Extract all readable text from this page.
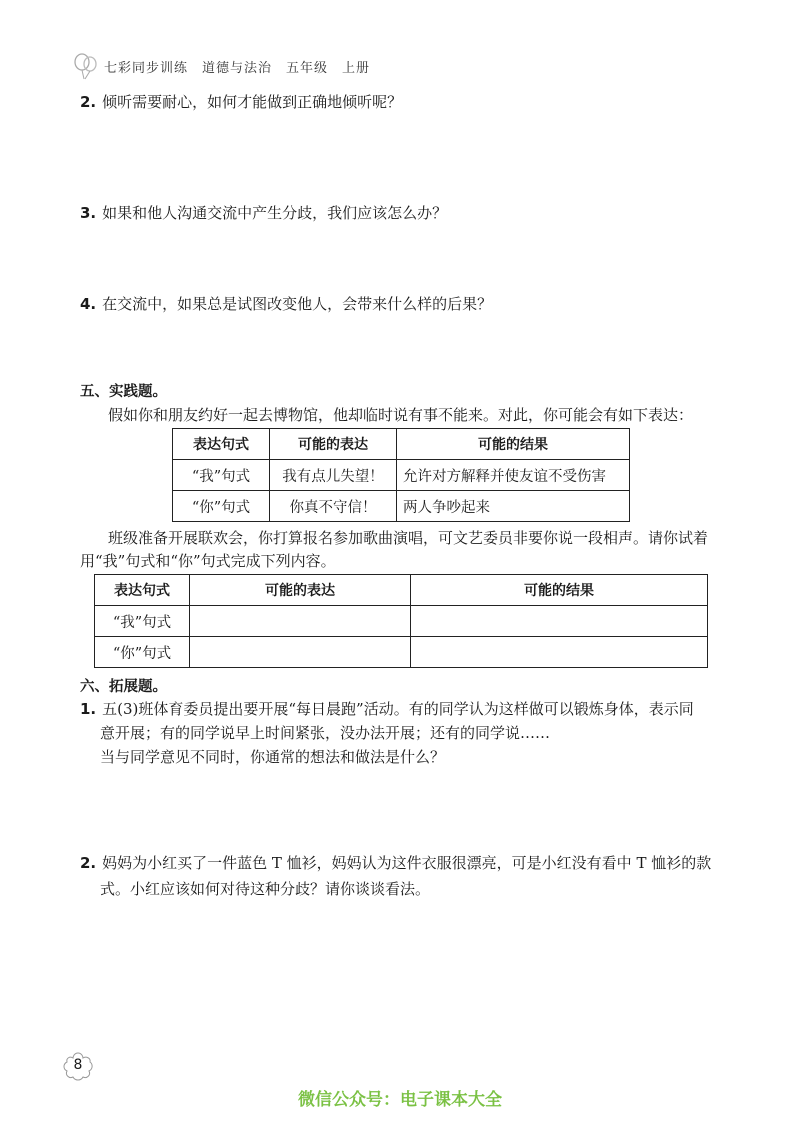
七彩同步训练　道德与法治　五年级　上册
2. 倾听需要耐心，如何才能做到正确地倾听呢？
3. 如果和他人沟通交流中产生分歧，我们应该怎么办？
4. 在交流中，如果总是试图改变他人，会带来什么样的后果？
五、实践题。
假如你和朋友约好一起去博物馆，他却临时说有事不能来。对此，你可能会有如下表达：
表达句式	可能的表达	可能的结果
“我”句式	我有点儿失望！	允许对方解释并使友谊不受伤害
“你”句式	你真不守信！	两人争吵起来
班级准备开展联欢会，你打算报名参加歌曲演唱，可文艺委员非要你说一段相声。请你试着
用“我”句式和“你”句式完成下列内容。
表达句式	可能的表达	可能的结果
“我”句式		
“你”句式		
六、拓展题。
1. 五(3)班体育委员提出要开展“每日晨跑”活动。有的同学认为这样做可以锻炼身体，表示同
意开展；有的同学说早上时间紧张，没办法开展；还有的同学说……
当与同学意见不同时，你通常的想法和做法是什么？
2. 妈妈为小红买了一件蓝色 T 恤衫，妈妈认为这件衣服很漂亮，可是小红没有看中 T 恤衫的款
式。小红应该如何对待这种分歧？请你谈谈看法。
8
微信公众号：电子课本大全
